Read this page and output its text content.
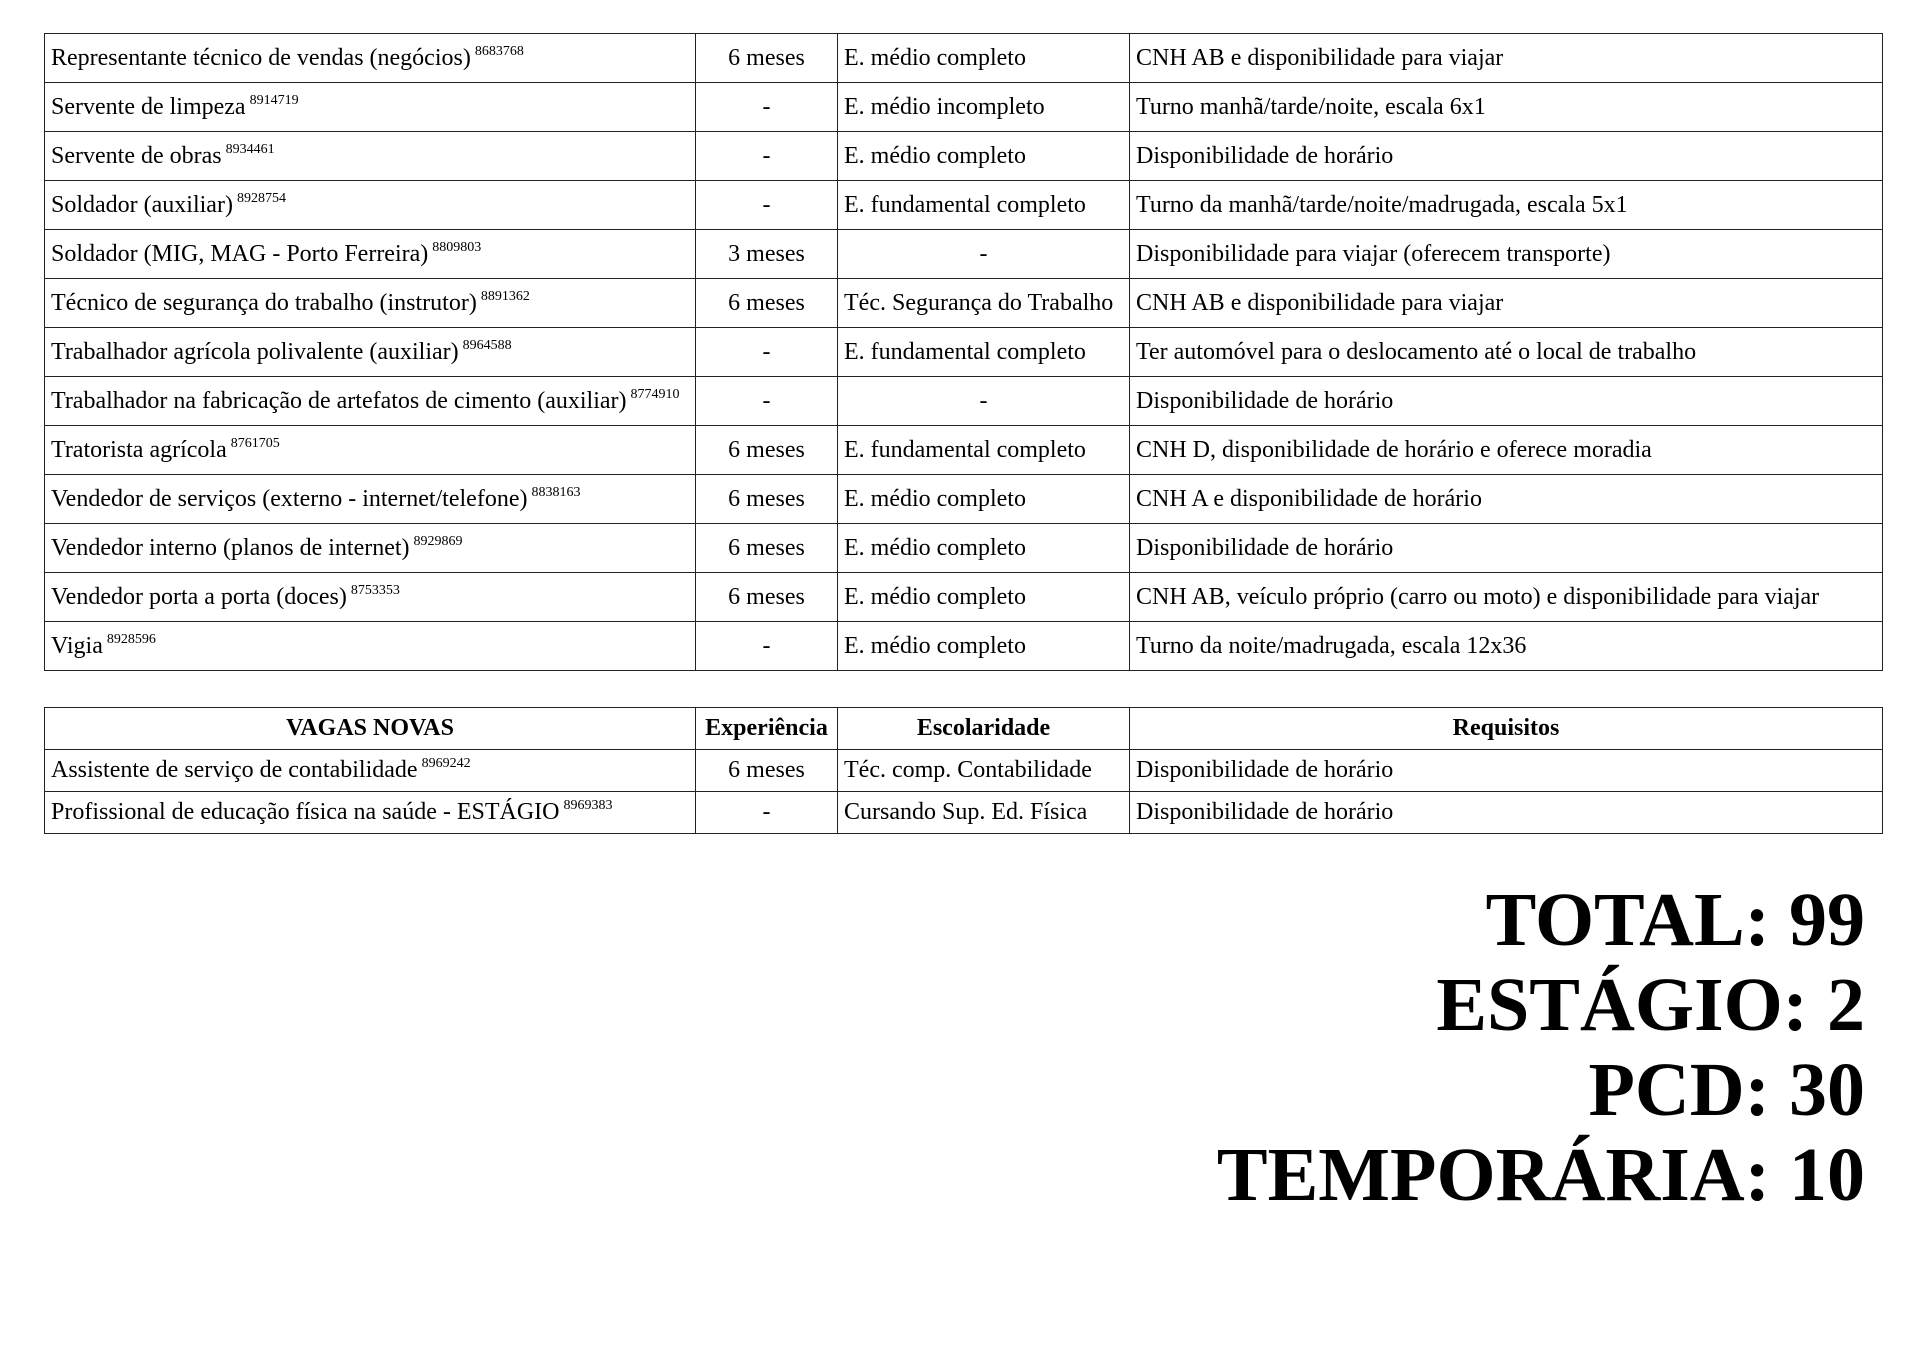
Representante técnico de vendas (negócios) $^{8683768}$	6 meses	E. médio completo	CNH AB e disponibilidade para viajar
Servente de limpeza $^{8914719}$	-	E. médio incompleto	Turno manhã/tarde/noite, escala 6x1
Servente de obras $^{8934461}$	-	E. médio completo	Disponibilidade de horário
Soldador (auxiliar) $^{8928754}$	-	E. fundamental completo	Turno da manhã/tarde/noite/madrugada, escala 5x1
Soldador (MIG, MAG - Porto Ferreira) $^{8809803}$	3 meses	-	Disponibilidade para viajar (oferecem transporte)
Técnico de segurança do trabalho (instrutor) $^{8891362}$	6 meses	Téc. Segurança do Trabalho	CNH AB e disponibilidade para viajar
Trabalhador agrícola polivalente (auxiliar) $^{8964588}$	-	E. fundamental completo	Ter automóvel para o deslocamento até o local de trabalho
Trabalhador na fabricação de artefatos de cimento (auxiliar) $^{8774910}$	-	-	Disponibilidade de horário
Tratorista agrícola $^{8761705}$	6 meses	E. fundamental completo	CNH D, disponibilidade de horário e oferece moradia
Vendedor de serviços (externo - internet/telefone) $^{8838163}$	6 meses	E. médio completo	CNH A e disponibilidade de horário
Vendedor interno (planos de internet) $^{8929869}$	6 meses	E. médio completo	Disponibilidade de horário
Vendedor porta a porta (doces) $^{8753353}$	6 meses	E. médio completo	CNH AB, veículo próprio (carro ou moto) e disponibilidade para viajar
Vigia $^{8928596}$	-	E. médio completo	Turno da noite/madrugada, escala 12x36
VAGAS NOVAS	Experiência	Escolaridade	Requisitos
Assistente de serviço de contabilidade $^{8969242}$	6 meses	Téc. comp. Contabilidade	Disponibilidade de horário
Profissional de educação física na saúde - ESTÁGIO $^{8969383}$	-	Cursando Sup. Ed. Física	Disponibilidade de horário
TOTAL: 99
ESTÁGIO: 2
PCD: 30
TEMPORÁRIA: 10
